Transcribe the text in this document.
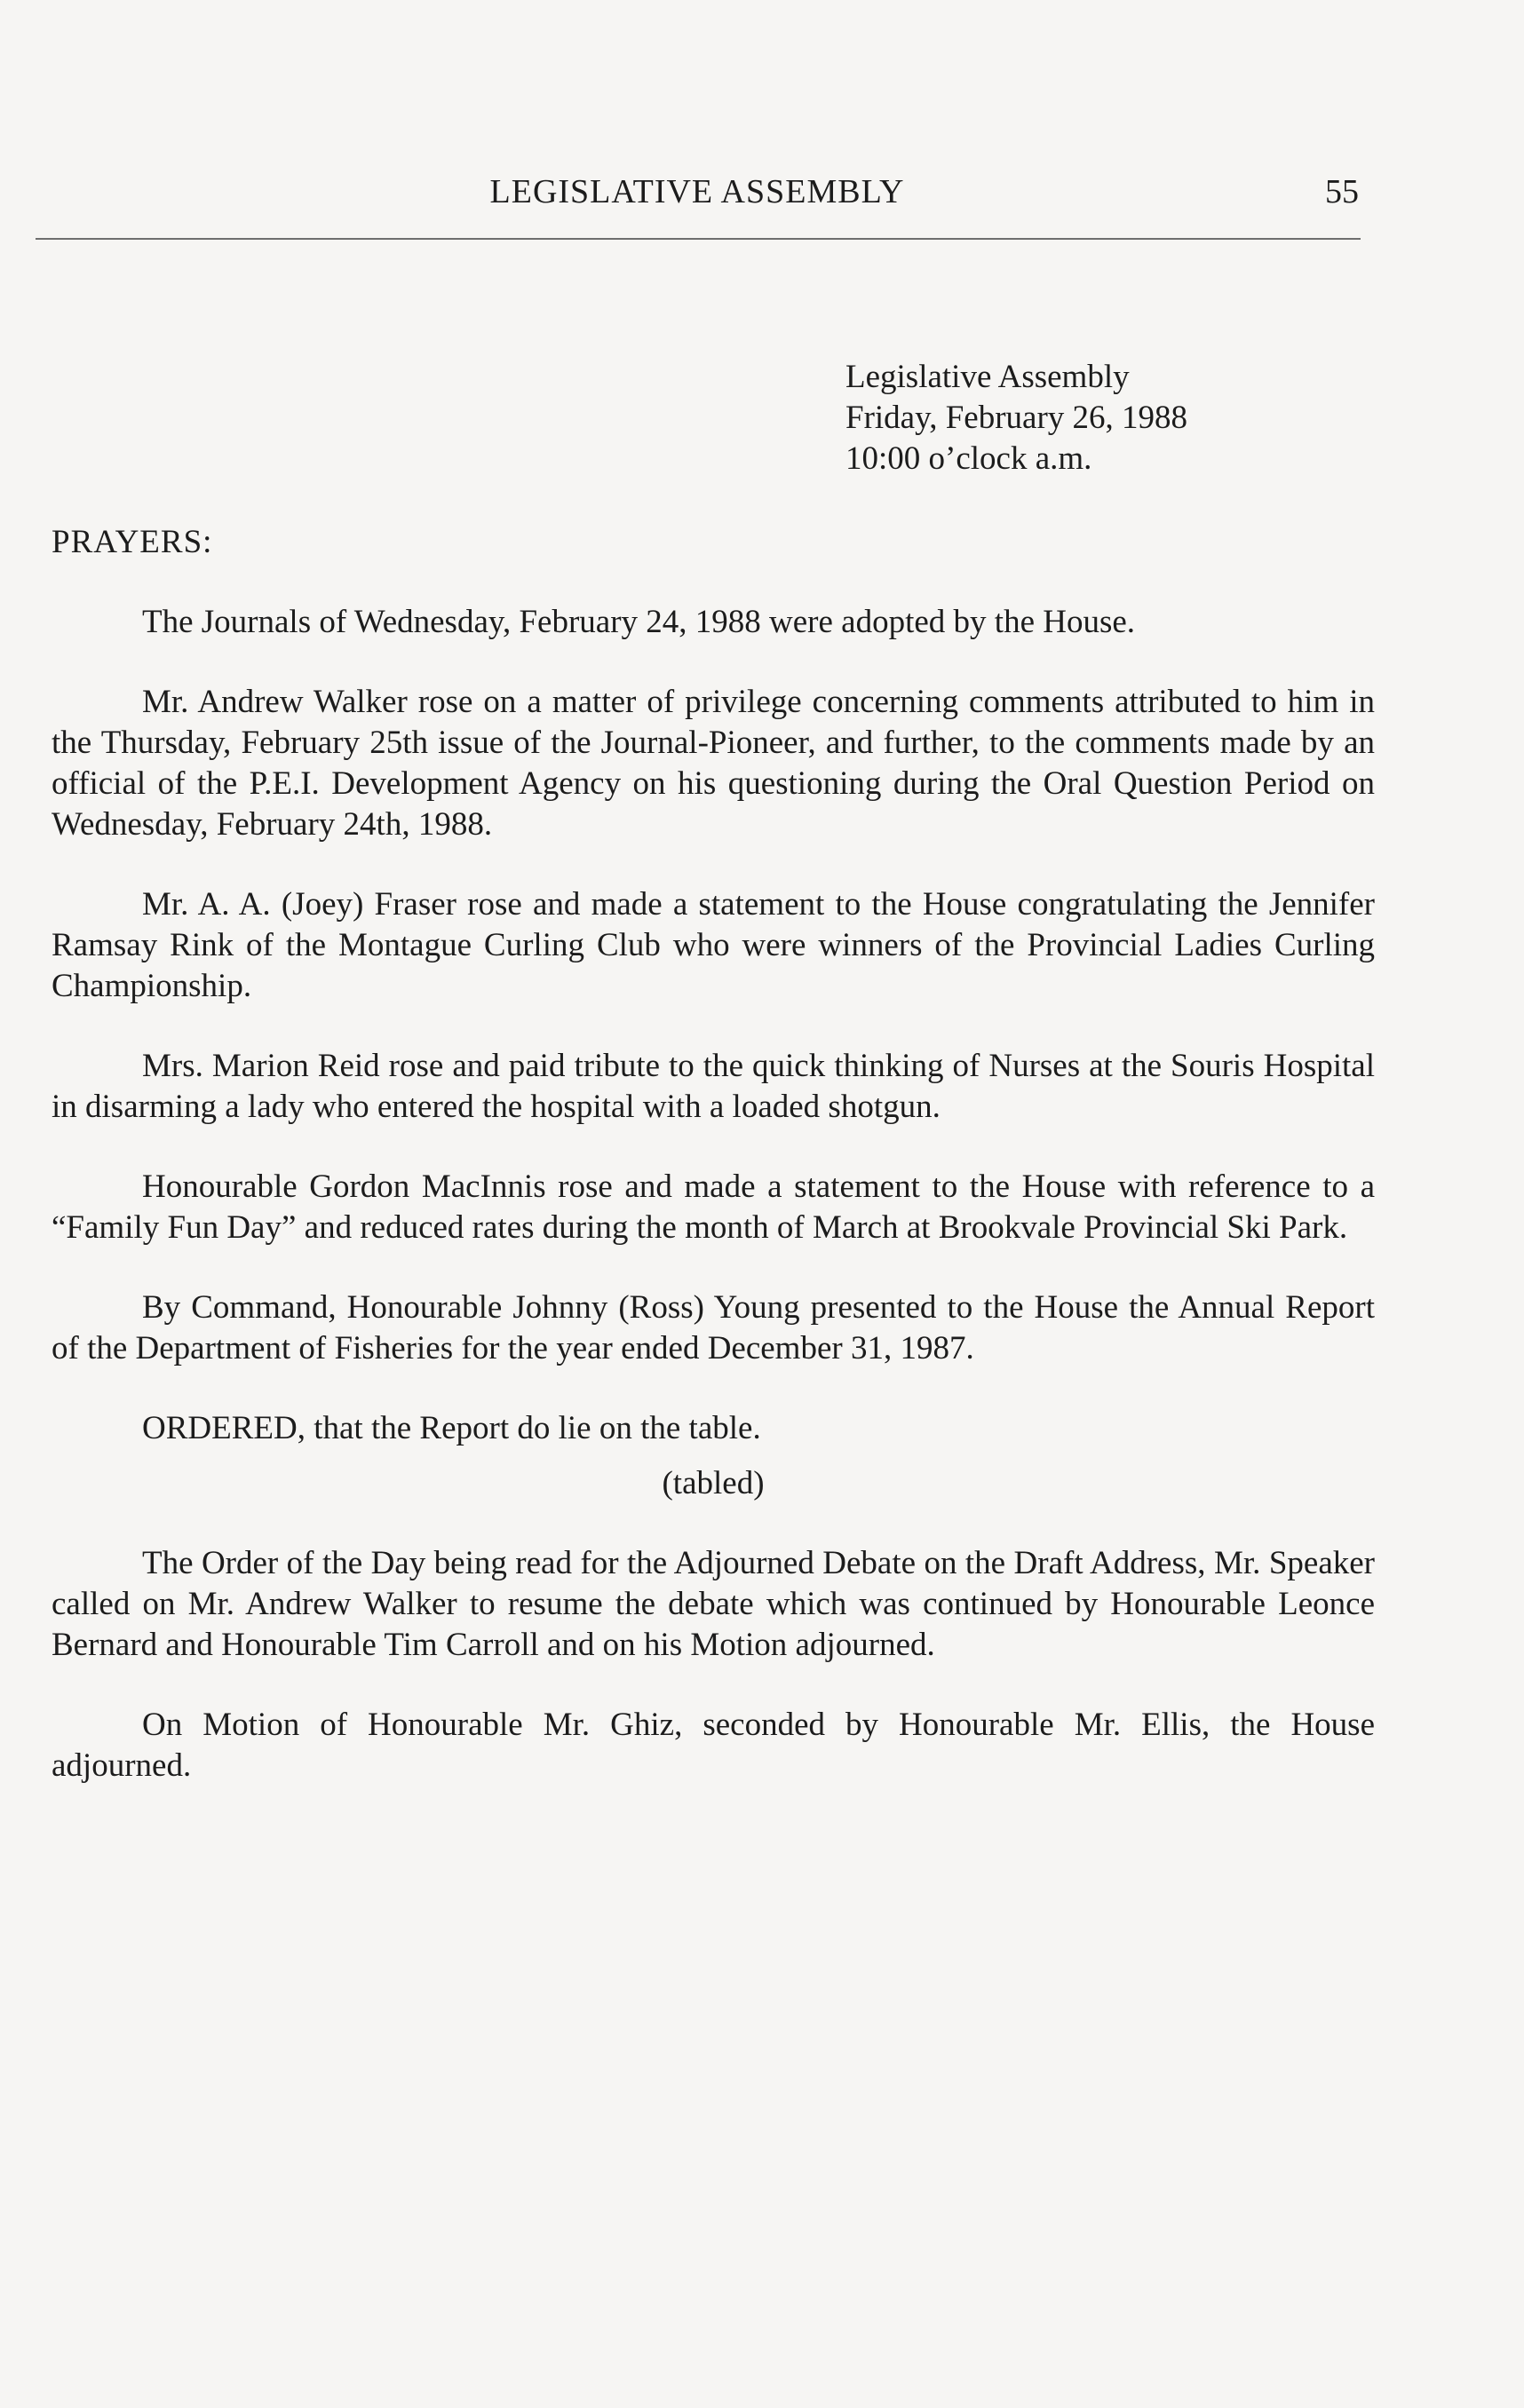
LEGISLATIVE ASSEMBLY	55
Legislative Assembly
Friday, February 26, 1988
10:00 o’clock a.m.
PRAYERS:

The Journals of Wednesday, February 24, 1988 were adopted by the House.

Mr. Andrew Walker rose on a matter of privilege concerning comments attributed to him in the Thursday, February 25th issue of the Journal-Pioneer, and further, to the comments made by an official of the P.E.I. Development Agency on his questioning during the Oral Question Period on Wednesday, February 24th, 1988.

Mr. A. A. (Joey) Fraser rose and made a statement to the House congratulating the Jennifer Ramsay Rink of the Montague Curling Club who were winners of the Provincial Ladies Curling Championship.

Mrs. Marion Reid rose and paid tribute to the quick thinking of Nurses at the Souris Hospital in disarming a lady who entered the hospital with a loaded shotgun.

Honourable Gordon MacInnis rose and made a statement to the House with reference to a “Family Fun Day” and reduced rates during the month of March at Brookvale Provincial Ski Park.

By Command, Honourable Johnny (Ross) Young presented to the House the Annual Report of the Department of Fisheries for the year ended December 31, 1987.

ORDERED, that the Report do lie on the table.

(tabled)

The Order of the Day being read for the Adjourned Debate on the Draft Address, Mr. Speaker called on Mr. Andrew Walker to resume the debate which was continued by Honourable Leonce Bernard and Honourable Tim Carroll and on his Motion adjourned.

On Motion of Honourable Mr. Ghiz, seconded by Honourable Mr. Ellis, the House adjourned.
